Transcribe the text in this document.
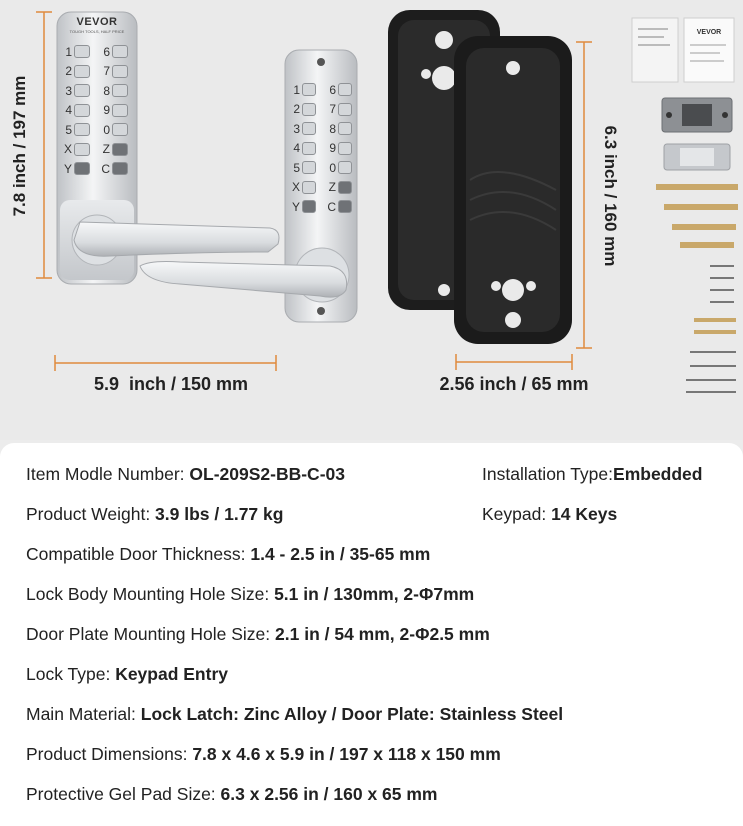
VEVOR
VEVOR
TOUGH TOOLS, HALF PRICE
1	6
2	7
3	8
4	9
5	0
X	Z
Y C
1 6
2 7
3 8
4 9
5 0
X Z
Y C
7.8 inch / 197 mm
5.9  inch / 150 mm
6.3 inch / 160 mm
2.56 inch / 65 mm
Item Modle Number: OL-209S2-BB-C-03	Installation Type:Embedded
Product Weight: 3.9 lbs / 1.77 kg	Keypad: 14 Keys
Compatible Door Thickness: 1.4 - 2.5 in / 35-65 mm
Lock Body Mounting Hole Size: 5.1 in / 130mm, 2-Φ7mm
Door Plate Mounting Hole Size: 2.1 in / 54 mm, 2-Φ2.5 mm
Lock Type: Keypad Entry
Main Material: Lock Latch: Zinc Alloy / Door Plate: Stainless Steel
Product Dimensions: 7.8 x 4.6 x 5.9 in / 197 x 118 x 150 mm
Protective Gel Pad Size: 6.3 x 2.56 in / 160 x 65 mm
